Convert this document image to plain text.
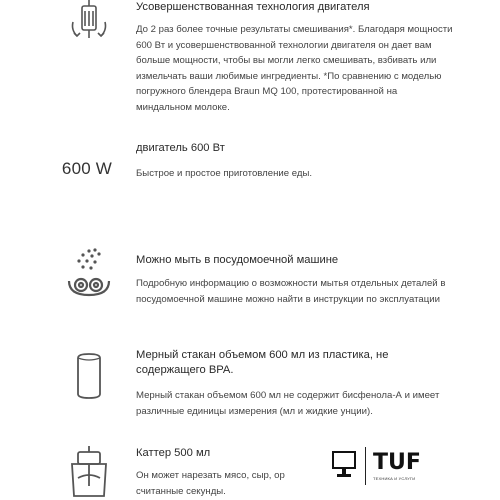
Усовершенствованная технология двигателя
До 2 раз более точные результаты смешивания*. Благодаря мощности 600 Вт и усовершенствованной технологии двигателя он дает вам больше мощности, чтобы вы могли легко смешивать, взбивать или измельчать ваши любимые ингредиенты. *По сравнению с моделью погружного блендера Braun MQ 100, протестированной на миндальном молоке.
600 W
двигатель 600 Вт
Быстрое и простое приготовление еды.
Можно мыть в посудомоечной машине
Подробную информацию о возможности мытья отдельных деталей в посудомоечной машине можно найти в инструкции по эксплуатации
Мерный стакан объемом 600 мл из пластика, не содержащего BPA.
Мерный стакан объемом 600 мл не содержит бисфенола-А и имеет различные единицы измерения (мл и жидкие унции).
Каттер 500 мл
Он может нарезать мясо, сыр, ор
считанные секунды.
TUF
ТЕХНИКА И УСЛУГИ
